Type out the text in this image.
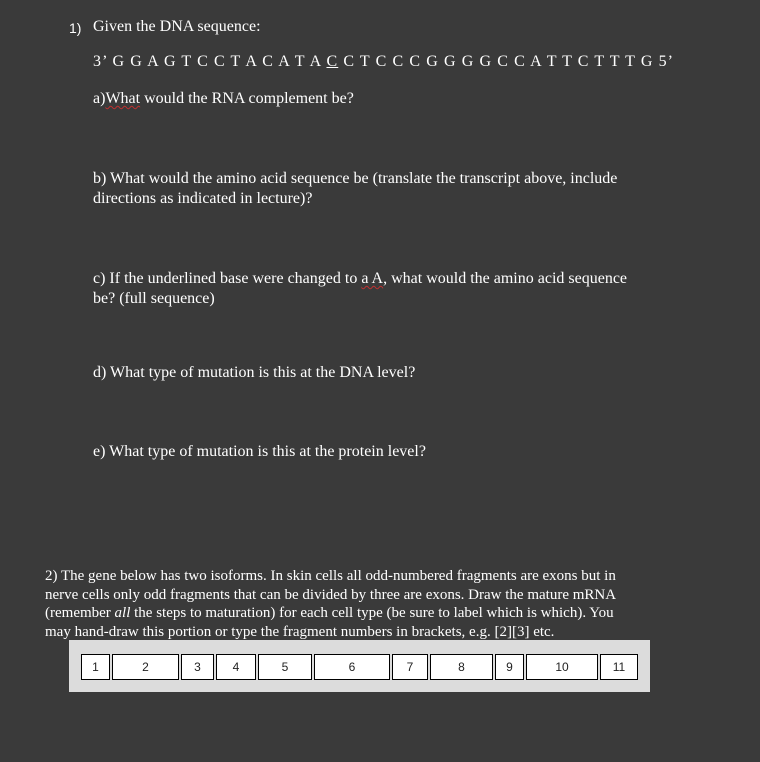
1) Given the DNA sequence:
3’ G G A G T C C T A C A T A C C T C C C G G G G C C A T T C T T T G 5’
a)What would the RNA complement be?
b) What would the amino acid sequence be (translate the transcript above, include
directions as indicated in lecture)?
c) If the underlined base were changed to a A, what would the amino acid sequence
be? (full sequence)
d) What type of mutation is this at the DNA level?
e) What type of mutation is this at the protein level?
2) The gene below has two isoforms. In skin cells all odd-numbered fragments are exons but in
nerve cells only odd fragments that can be divided by three are exons. Draw the mature mRNA
(remember all the steps to maturation) for each cell type (be sure to label which is which). You
may hand-draw this portion or type the fragment numbers in brackets, e.g. [2][3] etc.
1	2	3	4	5	6	7	8	9	10	11
